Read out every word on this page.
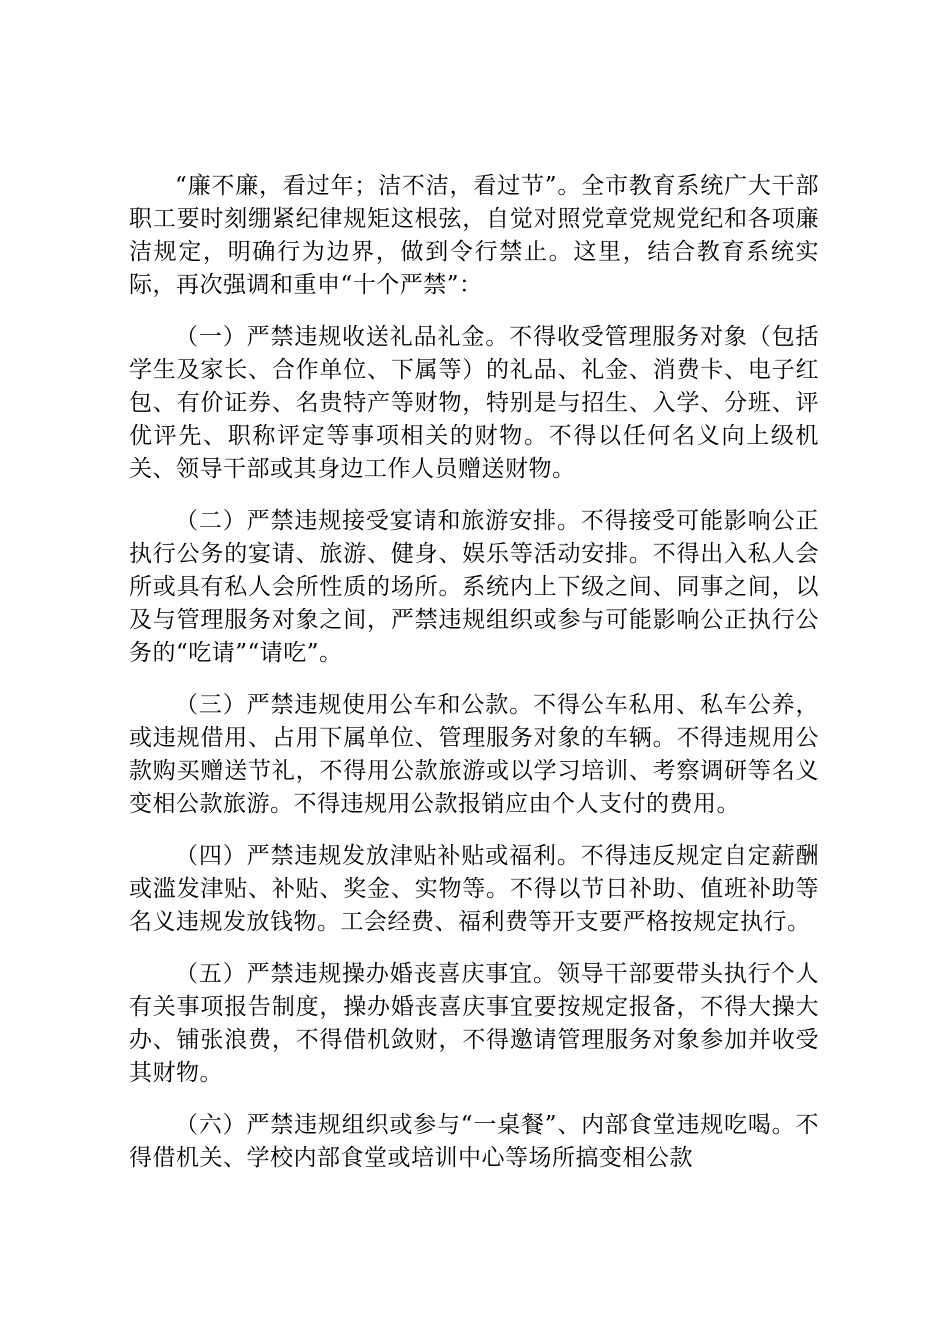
“廉不廉，看过年；洁不洁，看过节”。全市教育系统广大干部职工要时刻绷紧纪律规矩这根弦，自觉对照党章党规党纪和各项廉洁规定，明确行为边界，做到令行禁止。这里，结合教育系统实际，再次强调和重申“十个严禁”：

（一）严禁违规收送礼品礼金。不得收受管理服务对象（包括学生及家长、合作单位、下属等）的礼品、礼金、消费卡、电子红包、有价证券、名贵特产等财物，特别是与招生、入学、分班、评优评先、职称评定等事项相关的财物。不得以任何名义向上级机关、领导干部或其身边工作人员赠送财物。

（二）严禁违规接受宴请和旅游安排。不得接受可能影响公正执行公务的宴请、旅游、健身、娱乐等活动安排。不得出入私人会所或具有私人会所性质的场所。系统内上下级之间、同事之间，以及与管理服务对象之间，严禁违规组织或参与可能影响公正执行公务的“吃请”“请吃”。

（三）严禁违规使用公车和公款。不得公车私用、私车公养，或违规借用、占用下属单位、管理服务对象的车辆。不得违规用公款购买赠送节礼，不得用公款旅游或以学习培训、考察调研等名义变相公款旅游。不得违规用公款报销应由个人支付的费用。

（四）严禁违规发放津贴补贴或福利。不得违反规定自定薪酬或滥发津贴、补贴、奖金、实物等。不得以节日补助、值班补助等名义违规发放钱物。工会经费、福利费等开支要严格按规定执行。

（五）严禁违规操办婚丧喜庆事宜。领导干部要带头执行个人有关事项报告制度，操办婚丧喜庆事宜要按规定报备，不得大操大办、铺张浪费，不得借机敛财，不得邀请管理服务对象参加并收受其财物。

（六）严禁违规组织或参与“一桌餐”、内部食堂违规吃喝。不得借机关、学校内部食堂或培训中心等场所搞变相公款
